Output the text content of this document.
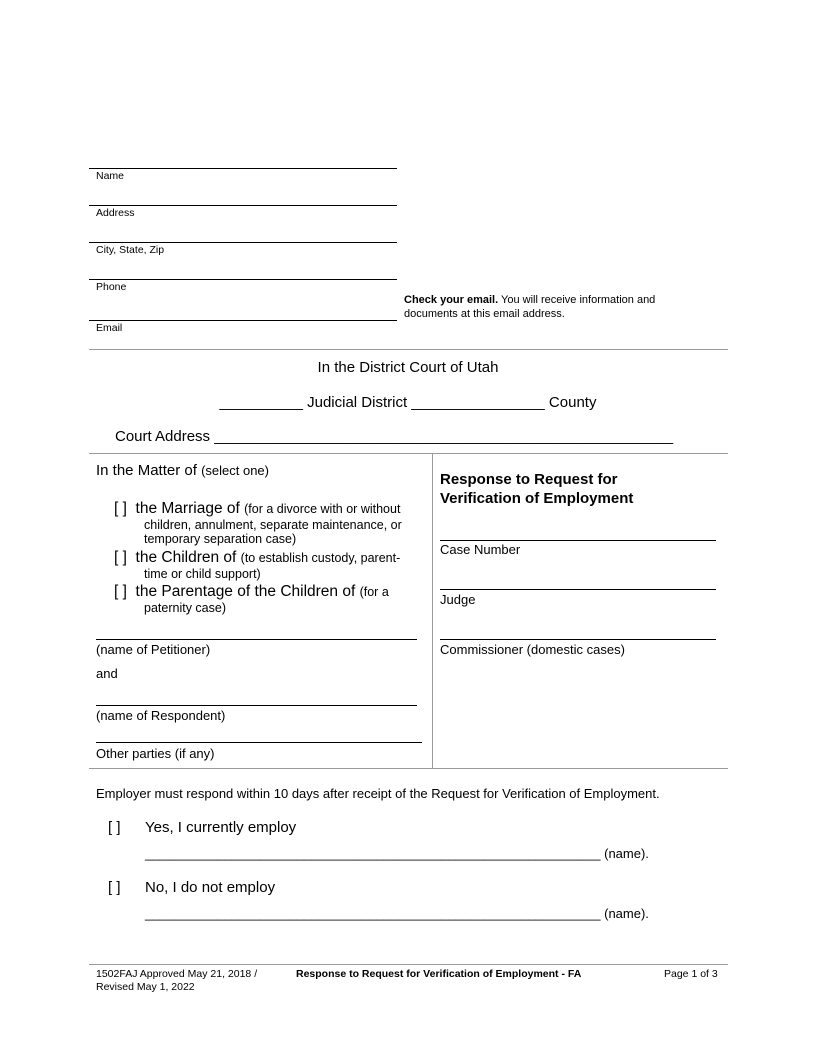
Name
Address
City, State, Zip
Phone
Check your email. You will receive information and
documents at this email address.
Email
In the District Court of Utah
__________ Judicial District ________________ County
Court Address _______________________________________________________
In the Matter of (select one)
[ ] the Marriage of (for a divorce with or without
children, annulment, separate maintenance, or
temporary separation case)
[ ] the Children of (to establish custody, parent-
time or child support)
[ ] the Parentage of the Children of (for a
paternity case)
(name of Petitioner)
and
(name of Respondent)
Other parties (if any)
Response to Request for
Verification of Employment
Case Number
Judge
Commissioner (domestic cases)
Employer must respond within 10 days after receipt of the Request for Verification of Employment.
[ ] Yes, I currently employ
_______________________________________________________________ (name).
[ ] No, I do not employ
_______________________________________________________________ (name).
1502FAJ Approved May 21, 2018 /
Revised May 1, 2022
Response to Request for Verification of Employment - FA	Page 1 of 3
